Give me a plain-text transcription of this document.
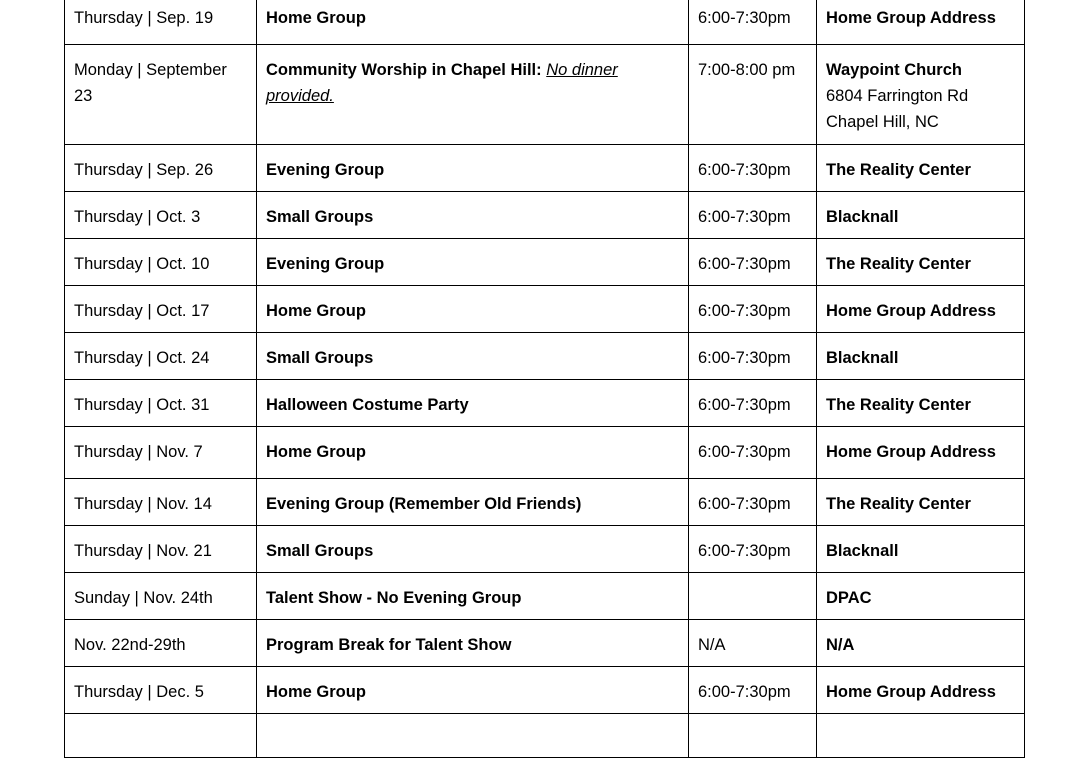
Thursday | Sep. 19	Home Group	6:00-7:30pm	Home Group Address
Monday | September 23	Community Worship in Chapel Hill: No dinner provided.	7:00-8:00 pm	Waypoint Church
6804 Farrington Rd
Chapel Hill, NC

Thursday | Sep. 26	Evening Group	6:00-7:30pm	The Reality Center
Thursday | Oct. 3	Small Groups	6:00-7:30pm	Blacknall
Thursday | Oct. 10	Evening Group	6:00-7:30pm	The Reality Center
Thursday | Oct. 17	Home Group	6:00-7:30pm	Home Group Address
Thursday | Oct. 24	Small Groups	6:00-7:30pm	Blacknall
Thursday | Oct. 31	Halloween Costume Party	6:00-7:30pm	The Reality Center
Thursday | Nov. 7	Home Group	6:00-7:30pm	Home Group Address
Thursday | Nov. 14	Evening Group (Remember Old Friends)	6:00-7:30pm	The Reality Center
Thursday | Nov. 21	Small Groups	6:00-7:30pm	Blacknall
Sunday | Nov. 24th	Talent Show - No Evening Group		DPAC
Nov. 22nd-29th	Program Break for Talent Show	N/A	N/A
Thursday | Dec. 5	Home Group	6:00-7:30pm	Home Group Address
